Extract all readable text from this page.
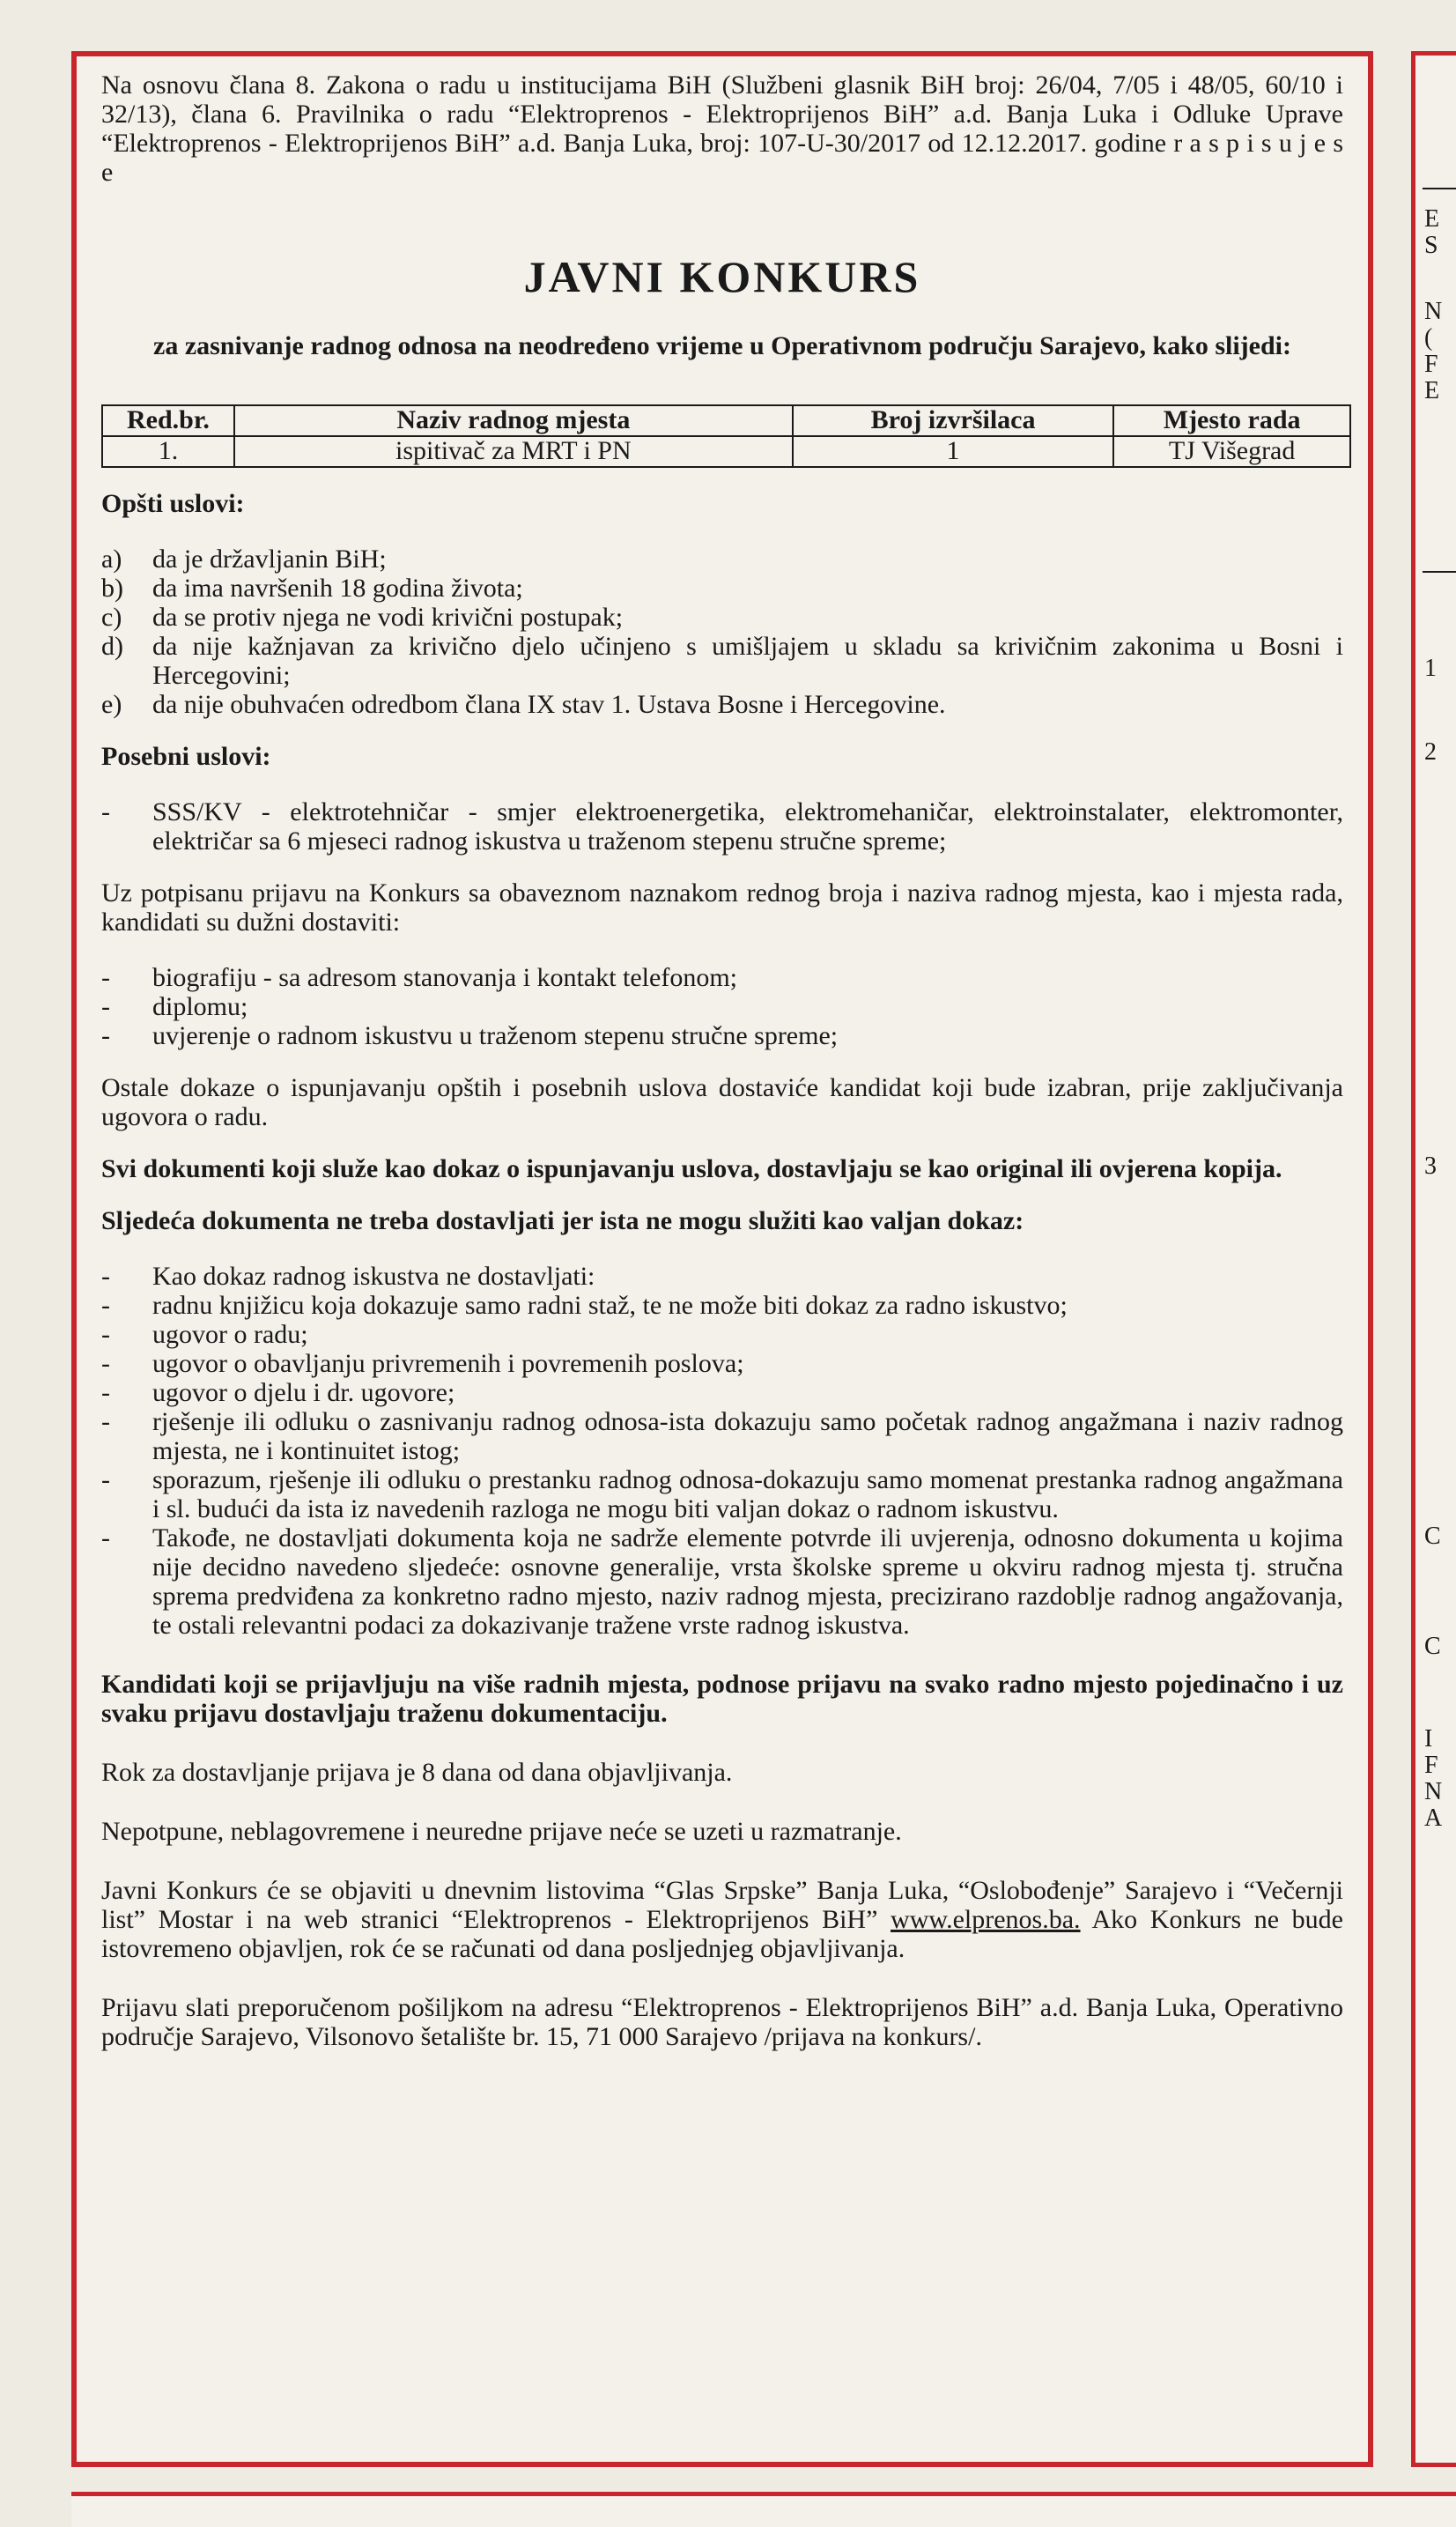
E
S
N
(
F
E
1
2
3
C
C
I
F
N
A

Na osnovu člana 8. Zakona o radu u institucijama BiH (Službeni glasnik BiH broj: 26/04, 7/05 i 48/05, 60/10 i 32/13), člana 6. Pravilnika o radu “Elektroprenos - Elektroprijenos BiH” a.d. Banja Luka i Odluke Uprave “Elektroprenos - Elektroprijenos BiH” a.d. Banja Luka, broj: 107-U-30/2017 od 12.12.2017. godine r a s p i s u j e s e

JAVNI KONKURS

za zasnivanje radnog odnosa na neodređeno vrijeme u Operativnom području Sarajevo, kako slijedi:

Red.br.	Naziv radnog mjesta	Broj izvršilaca	Mjesto rada
1.	ispitivač za MRT i PN	1	TJ Višegrad

Opšti uslovi:

a) da je državljanin BiH;
b) da ima navršenih 18 godina života;
c) da se protiv njega ne vodi krivični postupak;
d) da nije kažnjavan za krivično djelo učinjeno s umišljajem u skladu sa krivičnim zakonima u Bosni i Hercegovini;
e) da nije obuhvaćen odredbom člana IX stav 1. Ustava Bosne i Hercegovine.

Posebni uslovi:

- SSS/KV - elektrotehničar - smjer elektroenergetika, elektromehaničar, elektroinstalater, elektromonter, električar sa 6 mjeseci radnog iskustva u traženom stepenu stručne spreme;

Uz potpisanu prijavu na Konkurs sa obaveznom naznakom rednog broja i naziva radnog mjesta, kao i mjesta rada, kandidati su dužni dostaviti:

- biografiju - sa adresom stanovanja i kontakt telefonom;
- diplomu;
- uvjerenje o radnom iskustvu u traženom stepenu stručne spreme;

Ostale dokaze o ispunjavanju opštih i posebnih uslova dostaviće kandidat koji bude izabran, prije zaključivanja ugovora o radu.

Svi dokumenti koji služe kao dokaz o ispunjavanju uslova, dostavljaju se kao original ili ovjerena kopija.

Sljedeća dokumenta ne treba dostavljati jer ista ne mogu služiti kao valjan dokaz:

- Kao dokaz radnog iskustva ne dostavljati:
- radnu knjižicu koja dokazuje samo radni staž, te ne može biti dokaz za radno iskustvo;
- ugovor o radu;
- ugovor o obavljanju privremenih i povremenih poslova;
- ugovor o djelu i dr. ugovore;
- rješenje ili odluku o zasnivanju radnog odnosa-ista dokazuju samo početak radnog angažmana i naziv radnog mjesta, ne i kontinuitet istog;
- sporazum, rješenje ili odluku o prestanku radnog odnosa-dokazuju samo momenat prestanka radnog angažmana i sl. budući da ista iz navedenih razloga ne mogu biti valjan dokaz o radnom iskustvu.
- Takođe, ne dostavljati dokumenta koja ne sadrže elemente potvrde ili uvjerenja, odnosno dokumenta u kojima nije decidno navedeno sljedeće: osnovne generalije, vrsta školske spreme u okviru radnog mjesta tj. stručna sprema predviđena za konkretno radno mjesto, naziv radnog mjesta, precizirano razdoblje radnog angažovanja, te ostali relevantni podaci za dokazivanje tražene vrste radnog iskustva.

Kandidati koji se prijavljuju na više radnih mjesta, podnose prijavu na svako radno mjesto pojedinačno i uz svaku prijavu dostavljaju traženu dokumentaciju.

Rok za dostavljanje prijava je 8 dana od dana objavljivanja.

Nepotpune, neblagovremene i neuredne prijave neće se uzeti u razmatranje.

Javni Konkurs će se objaviti u dnevnim listovima “Glas Srpske” Banja Luka, “Oslobođenje” Sarajevo i “Večernji list” Mostar i na web stranici “Elektroprenos - Elektroprijenos BiH” www.elprenos.ba. Ako Konkurs ne bude istovremeno objavljen, rok će se računati od dana posljednjeg objavljivanja.

Prijavu slati preporučenom pošiljkom na adresu “Elektroprenos - Elektroprijenos BiH” a.d. Banja Luka, Operativno područje Sarajevo, Vilsonovo šetalište br. 15, 71 000 Sarajevo /prijava na konkurs/.
